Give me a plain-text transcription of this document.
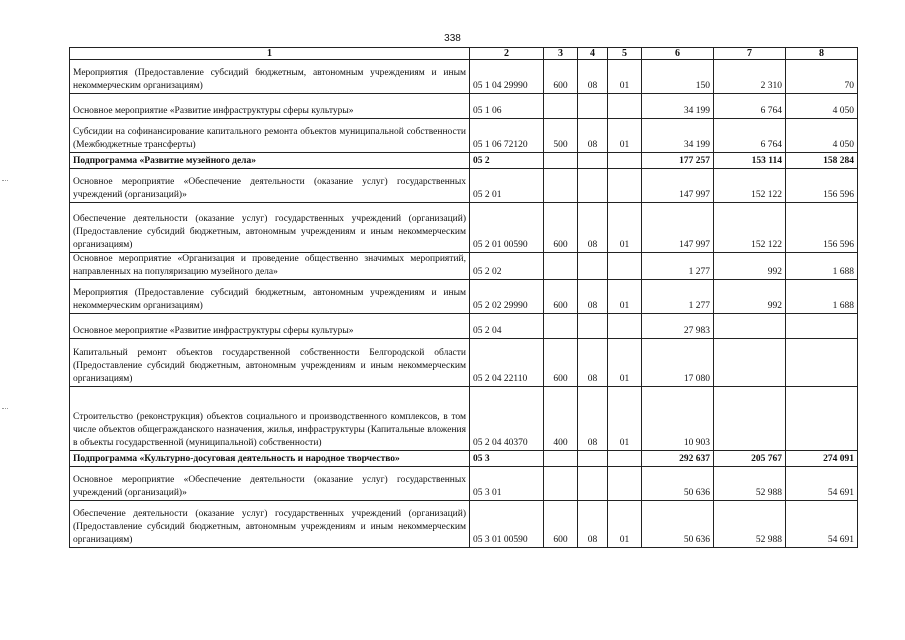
338
1	2	3	4	5	6	7	8
Мероприятия (Предоставление субсидий бюджетным, автономным учреждениям и иным некоммерческим организациям)	05 1 04 29990	600	08	01	150	2 310	70
Основное мероприятие «Развитие инфраструктуры сферы культуры»	05 1 06				34 199	6 764	4 050
Субсидии на софинансирование капитального ремонта объектов муниципальной собственности (Межбюджетные трансферты)	05 1 06 72120	500	08	01	34 199	6 764	4 050
Подпрограмма «Развитие музейного дела»	05 2				177 257	153 114	158 284
Основное мероприятие «Обеспечение деятельности (оказание услуг) государственных учреждений (организаций)»	05 2 01				147 997	152 122	156 596
Обеспечение деятельности (оказание услуг) государственных учреждений (организаций) (Предоставление субсидий бюджетным, автономным учреждениям и иным некоммерческим организациям)	05 2 01 00590	600	08	01	147 997	152 122	156 596
Основное мероприятие «Организация и проведение общественно значимых мероприятий, направленных на популяризацию музейного дела»	05 2 02				1 277	992	1 688
Мероприятия (Предоставление субсидий бюджетным, автономным учреждениям и иным некоммерческим организациям)	05 2 02 29990	600	08	01	1 277	992	1 688
Основное мероприятие «Развитие инфраструктуры сферы культуры»	05 2 04				27 983		
Капитальный ремонт объектов государственной собственности Белгородской области (Предоставление субсидий бюджетным, автономным учреждениям и иным некоммерческим организациям)	05 2 04 22110	600	08	01	17 080		
Строительство (реконструкция) объектов социального и производственного комплексов, в том числе объектов общегражданского назначения, жилья, инфраструктуры (Капитальные вложения в объекты государственной (муниципальной) собственности)	05 2 04 40370	400	08	01	10 903		
Подпрограмма «Культурно-досуговая деятельность и народное творчество»	05 3				292 637	205 767	274 091
Основное мероприятие «Обеспечение деятельности (оказание услуг) государственных учреждений (организаций)»	05 3 01				50 636	52 988	54 691
Обеспечение деятельности (оказание услуг) государственных учреждений (организаций) (Предоставление субсидий бюджетным, автономным учреждениям и иным некоммерческим организациям)	05 3 01 00590	600	08	01	50 636	52 988	54 691
